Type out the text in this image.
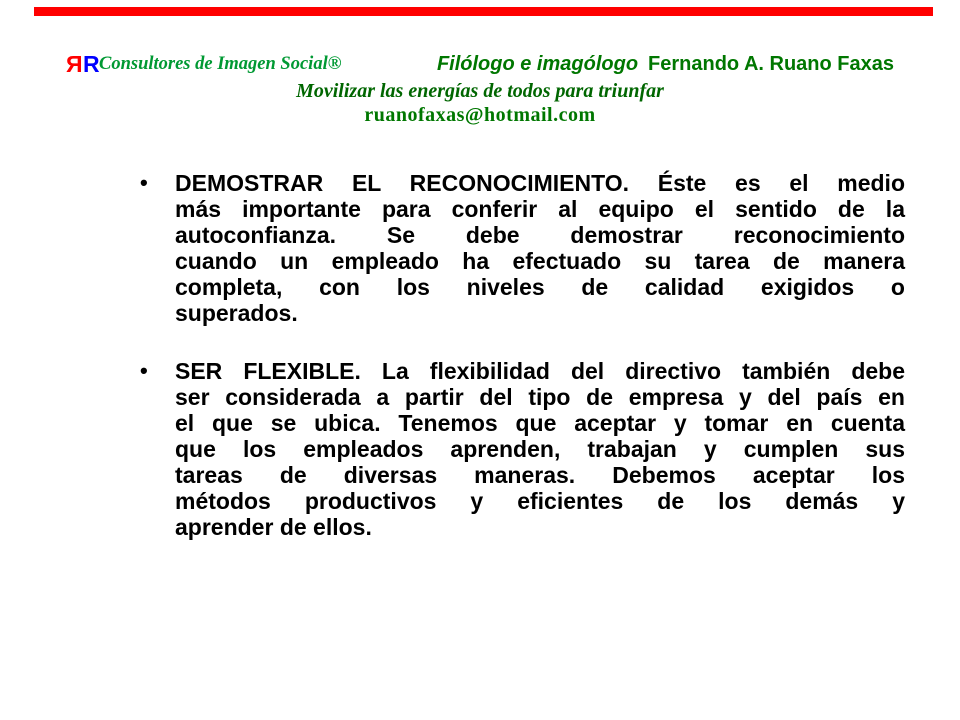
ЯR
Consultores de Imagen Social®	Filólogo e imagólogo Fernando A. Ruano Faxas
Movilizar las energías de todos para triunfar
ruanofaxas@hotmail.com
• DEMOSTRAR EL RECONOCIMIENTO. Éste es el medio
más importante para conferir al equipo el sentido de la
autoconfianza. Se debe demostrar reconocimiento
cuando un empleado ha efectuado su tarea de manera
completa, con los niveles de calidad exigidos o
superados.
• SER FLEXIBLE. La flexibilidad del directivo también debe
ser considerada a partir del tipo de empresa y del país en
el que se ubica. Tenemos que aceptar y tomar en cuenta
que los empleados aprenden, trabajan y cumplen sus
tareas de diversas maneras. Debemos aceptar los
métodos productivos y eficientes de los demás y
aprender de ellos.
